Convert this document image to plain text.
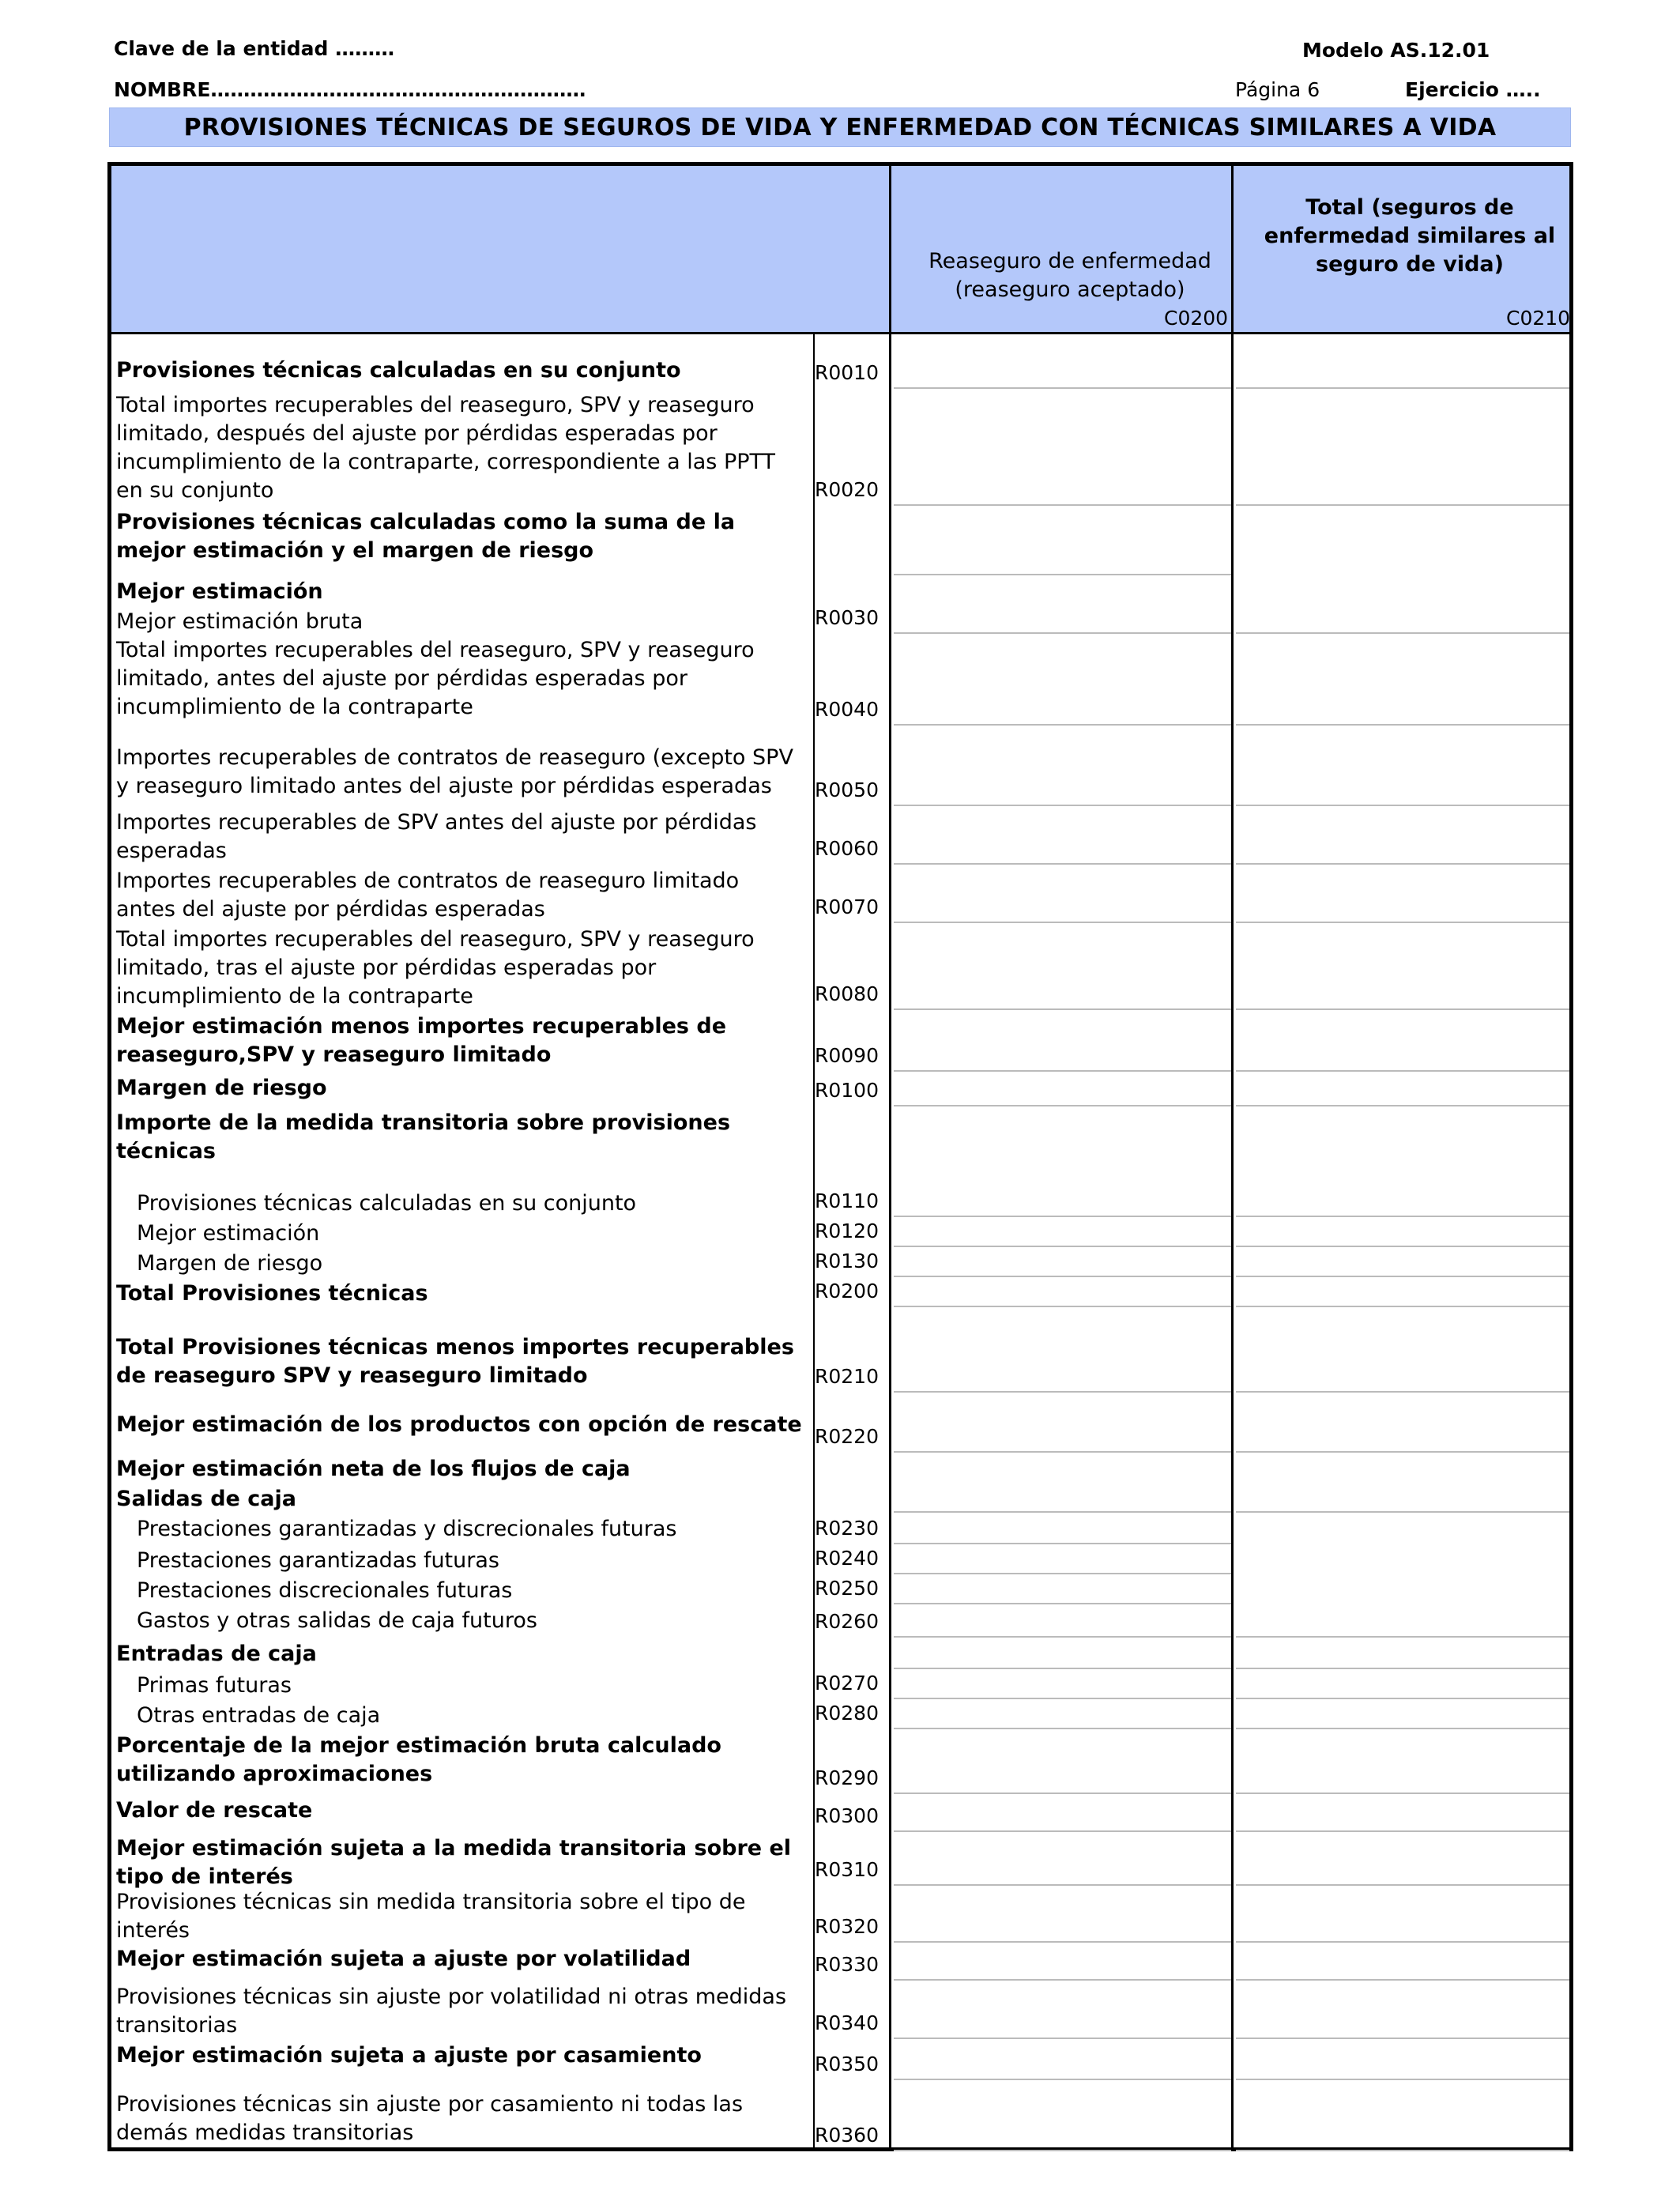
Clave de la entidad ………	Modelo AS.12.01
NOMBRE…………………………………………………	Página 6	Ejercicio …..
PROVISIONES TÉCNICAS DE SEGUROS DE VIDA Y ENFERMEDAD CON TÉCNICAS SIMILARES A VIDA
Reaseguro de enfermedad (reaseguro aceptado)
C0200
Total (seguros de enfermedad similares al seguro de vida)
C0210
Provisiones técnicas calculadas en su conjunto	R0010
Total importes recuperables del reaseguro, SPV y reaseguro limitado, después del ajuste por pérdidas esperadas por incumplimiento de la contraparte, correspondiente a las PPTT en su conjunto	R0020
Provisiones técnicas calculadas como la suma de la mejor estimación y el margen de riesgo
Mejor estimación
Mejor estimación bruta	R0030
Total importes recuperables del reaseguro, SPV y reaseguro limitado, antes del ajuste por pérdidas esperadas por incumplimiento de la contraparte	R0040
Importes recuperables de contratos de reaseguro (excepto SPV y reaseguro limitado antes del ajuste por pérdidas esperadas	R0050
Importes recuperables de SPV antes del ajuste por pérdidas esperadas	R0060
Importes recuperables de contratos de reaseguro limitado antes del ajuste por pérdidas esperadas	R0070
Total importes recuperables del reaseguro, SPV y reaseguro limitado, tras el ajuste por pérdidas esperadas por incumplimiento de la contraparte	R0080
Mejor estimación menos importes recuperables de reaseguro,SPV y reaseguro limitado	R0090
Margen de riesgo	R0100
Importe de la medida transitoria sobre provisiones técnicas
Provisiones técnicas calculadas en su conjunto	R0110
Mejor estimación	R0120
Margen de riesgo	R0130
Total Provisiones técnicas	R0200
Total Provisiones técnicas menos importes recuperables de reaseguro SPV y reaseguro limitado	R0210
Mejor estimación de los productos con opción de rescate R0220
Mejor estimación neta de los flujos de caja
Salidas de caja
Prestaciones garantizadas y discrecionales futuras	R0230
Prestaciones garantizadas futuras	R0240
Prestaciones discrecionales futuras	R0250
Gastos y otras salidas de caja futuros	R0260
Entradas de caja
Primas futuras	R0270
Otras entradas de caja	R0280
Porcentaje de la mejor estimación bruta calculado utilizando aproximaciones	R0290
Valor de rescate	R0300
Mejor estimación sujeta a la medida transitoria sobre el tipo de interés	R0310
Provisiones técnicas sin medida transitoria sobre el tipo de interés	R0320
Mejor estimación sujeta a ajuste por volatilidad	R0330
Provisiones técnicas sin ajuste por volatilidad ni otras medidas transitorias	R0340
Mejor estimación sujeta a ajuste por casamiento	R0350
Provisiones técnicas sin ajuste por casamiento ni todas las demás medidas transitorias	R0360
